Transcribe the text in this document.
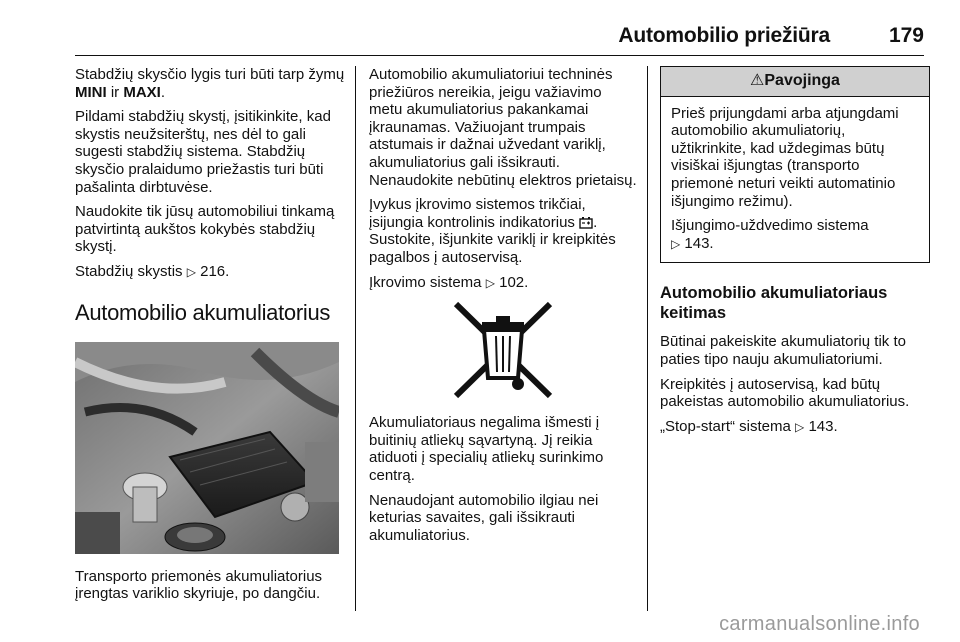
Automobilio priežiūra	179

Stabdžių skysčio lygis turi būti tarp žymų MINI ir MAXI.

Pildami stabdžių skystį, įsitikinkite, kad skystis neužsiterštų, nes dėl to gali sugesti stabdžių sistema. Stabdžių skysčio pralaidumo priežastis turi būti pašalinta dirbtuvėse.

Naudokite tik jūsų automobiliui tinkamą patvirtintą aukštos kokybės stabdžių skystį.

Stabdžių skystis ▷ 216.

Automobilio akumuliatorius

Transporto priemonės akumuliatorius įrengtas variklio skyriuje, po dangčiu.

Automobilio akumuliatoriui techninės priežiūros nereikia, jeigu važiavimo metu akumuliatorius pakankamai įkraunamas. Važiuojant trumpais atstumais ir dažnai užvedant variklį, akumuliatorius gali išsikrauti. Nenaudokite nebūtinų elektros prietaisų.

Įvykus įkrovimo sistemos trikčiai, įsijungia kontrolinis indikatorius . Sustokite, išjunkite variklį ir kreipkitės pagalbos į autoservisą.

Įkrovimo sistema ▷ 102.

Akumuliatoriaus negalima išmesti į buitinių atliekų sąvartyną. Jį reikia atiduoti į specialių atliekų surinkimo centrą.

Nenaudojant automobilio ilgiau nei keturias savaites, gali išsikrauti akumuliatorius.

⚠Pavojinga

Prieš prijungdami arba atjungdami automobilio akumuliatorių, užtikrinkite, kad uždegimas būtų visiškai išjungtas (transporto priemonė neturi veikti automatinio išjungimo režimu).

Išjungimo-uždvedimo sistema
▷ 143.

Automobilio akumuliatoriaus keitimas

Būtinai pakeiskite akumuliatorių tik to paties tipo nauju akumuliatoriumi.

Kreipkitės į autoservisą, kad būtų pakeistas automobilio akumuliatorius.

„Stop-start“ sistema ▷ 143.

carmanualsonline.info
